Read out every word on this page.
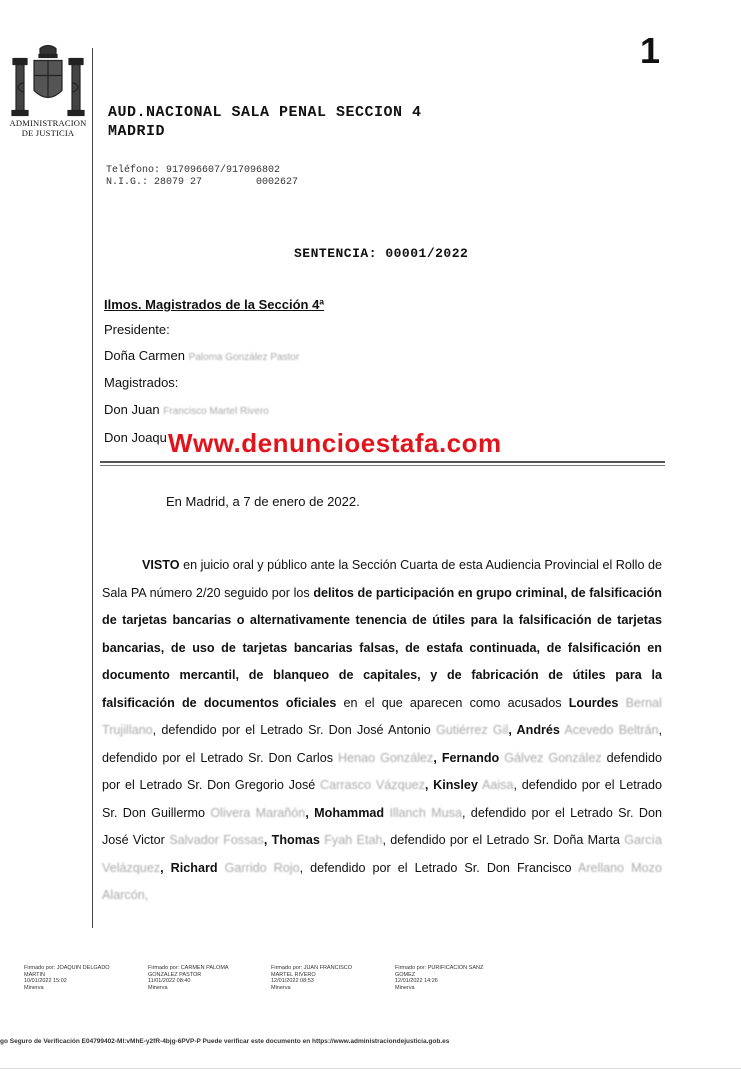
1
ADMINISTRACION
DE JUSTICIA
AUD.NACIONAL SALA PENAL SECCION 4
MADRID
Teléfono: 917096607/917096802
N.I.G.: 28079 27         0002627
SENTENCIA: 00001/2022
Ilmos. Magistrados de la Sección 4ª
Presidente:
Doña Carmen Paloma González Pastor
Magistrados:
Don Juan Francisco Martel Rivero
Don Joaqu Www.denuncioestafa.com
En Madrid, a 7 de enero de 2022.

VISTO en juicio oral y público ante la Sección Cuarta de esta Audiencia Provincial el Rollo de Sala PA número 2/20 seguido por los delitos de participación en grupo criminal, de falsificación de tarjetas bancarias o alternativamente tenencia de útiles para la falsificación de tarjetas bancarias, de uso de tarjetas bancarias falsas, de estafa continuada, de falsificación en documento mercantil, de blanqueo de capitales, y de fabricación de útiles para la falsificación de documentos oficiales en el que aparecen como acusados Lourdes Bernal Trujillano, defendido por el Letrado Sr. Don José Antonio Gutiérrez Gil, Andrés Acevedo Beltrán, defendido por el Letrado Sr. Don Carlos Henao González, Fernando Gálvez González defendido por el Letrado Sr. Don Gregorio José Carrasco Vázquez, Kinsley Aaisa, defendido por el Letrado Sr. Don Guillermo Olivera Marañón, Mohammad Illanch Musa, defendido por el Letrado Sr. Don José Victor Salvador Fossas, Thomas Fyah Etah, defendido por el Letrado Sr. Doña Marta García Velázquez, Richard Garrido Rojo, defendido por el Letrado Sr. Don Francisco Arellano Mozo Alarcón,

Firmado por: JOAQUIN DELGADO
MARTIN
10/01/2022 15:02
Minerva
Firmado por: CARMEN PALOMA
GONZALEZ PASTOR
11/01/2022 08:40
Minerva
Firmado por: JUAN FRANCISCO
MARTEL RIVERO
12/01/2022 08:53
Minerva
Firmado por: PURIFICACION SANZ
GOMEZ
12/01/2022 14:26
Minerva
go Seguro de Verificación E04799402-MI:vMhE-y2fR-4bjg-6PVP-P Puede verificar este documento en https://www.administraciondejusticia.gob.es
